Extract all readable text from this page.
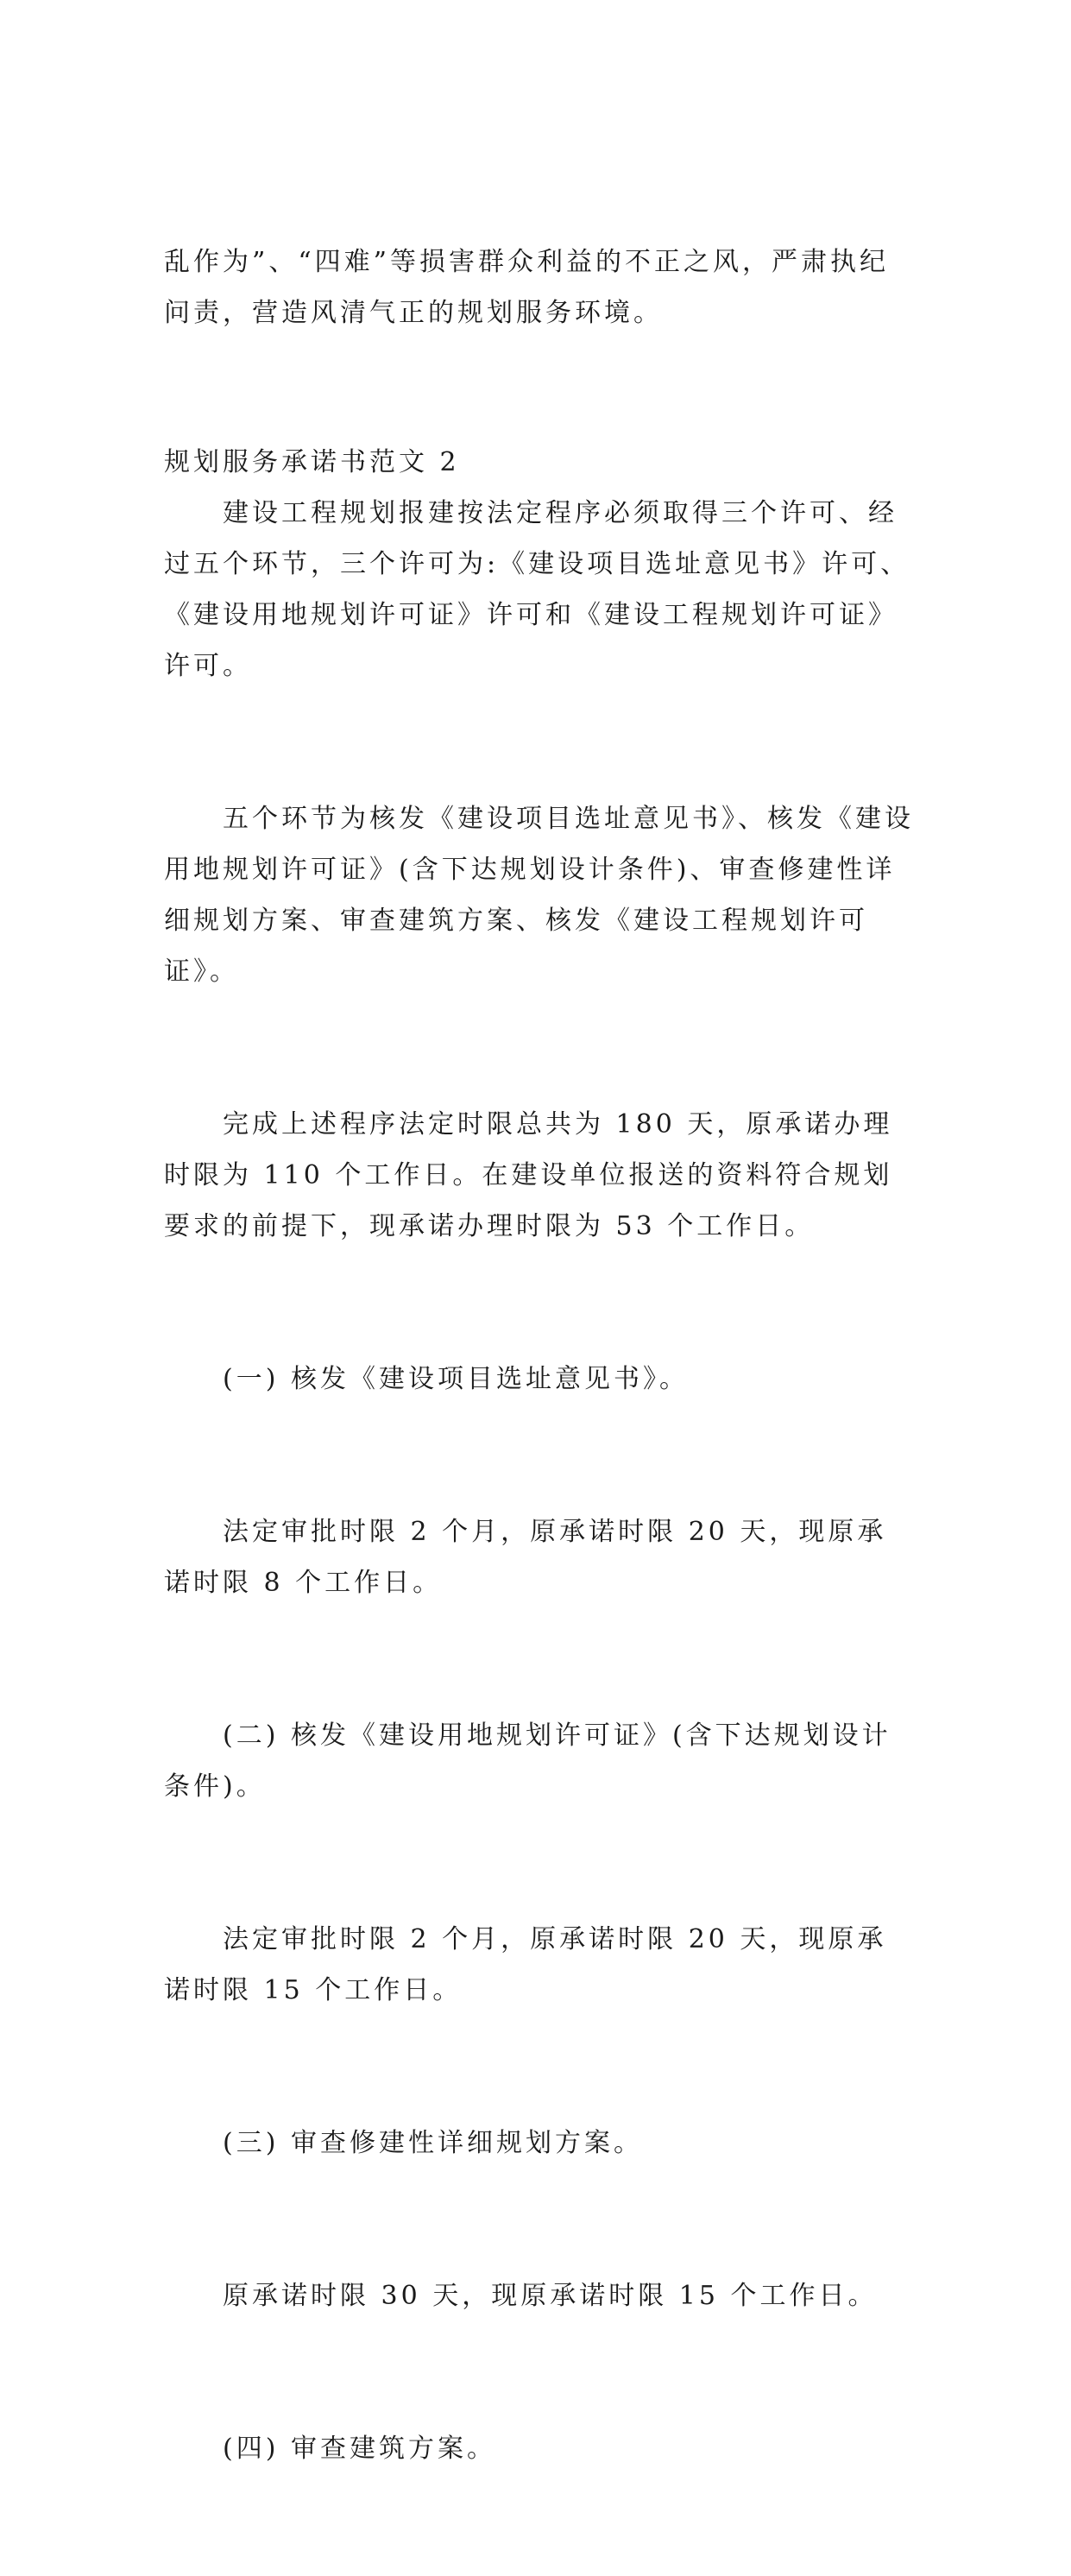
乱作为”、“四难”等损害群众利益的不正之风，严肃执纪问责，营造风清气正的规划服务环境。

规划服务承诺书范文 2

建设工程规划报建按法定程序必须取得三个许可、经过五个环节，三个许可为:《建设项目选址意见书》许可、《建设用地规划许可证》许可和《建设工程规划许可证》许可。

五个环节为核发《建设项目选址意见书》、核发《建设用地规划许可证》(含下达规划设计条件)、审查修建性详细规划方案、审查建筑方案、核发《建设工程规划许可证》。

完成上述程序法定时限总共为 180 天，原承诺办理时限为 110 个工作日。在建设单位报送的资料符合规划要求的前提下，现承诺办理时限为 53 个工作日。

(一) 核发《建设项目选址意见书》。

法定审批时限 2 个月，原承诺时限 20 天，现原承诺时限 8 个工作日。

(二) 核发《建设用地规划许可证》(含下达规划设计条件)。

法定审批时限 2 个月，原承诺时限 20 天，现原承诺时限 15 个工作日。

(三) 审查修建性详细规划方案。

原承诺时限 30 天，现原承诺时限 15 个工作日。

(四) 审查建筑方案。
